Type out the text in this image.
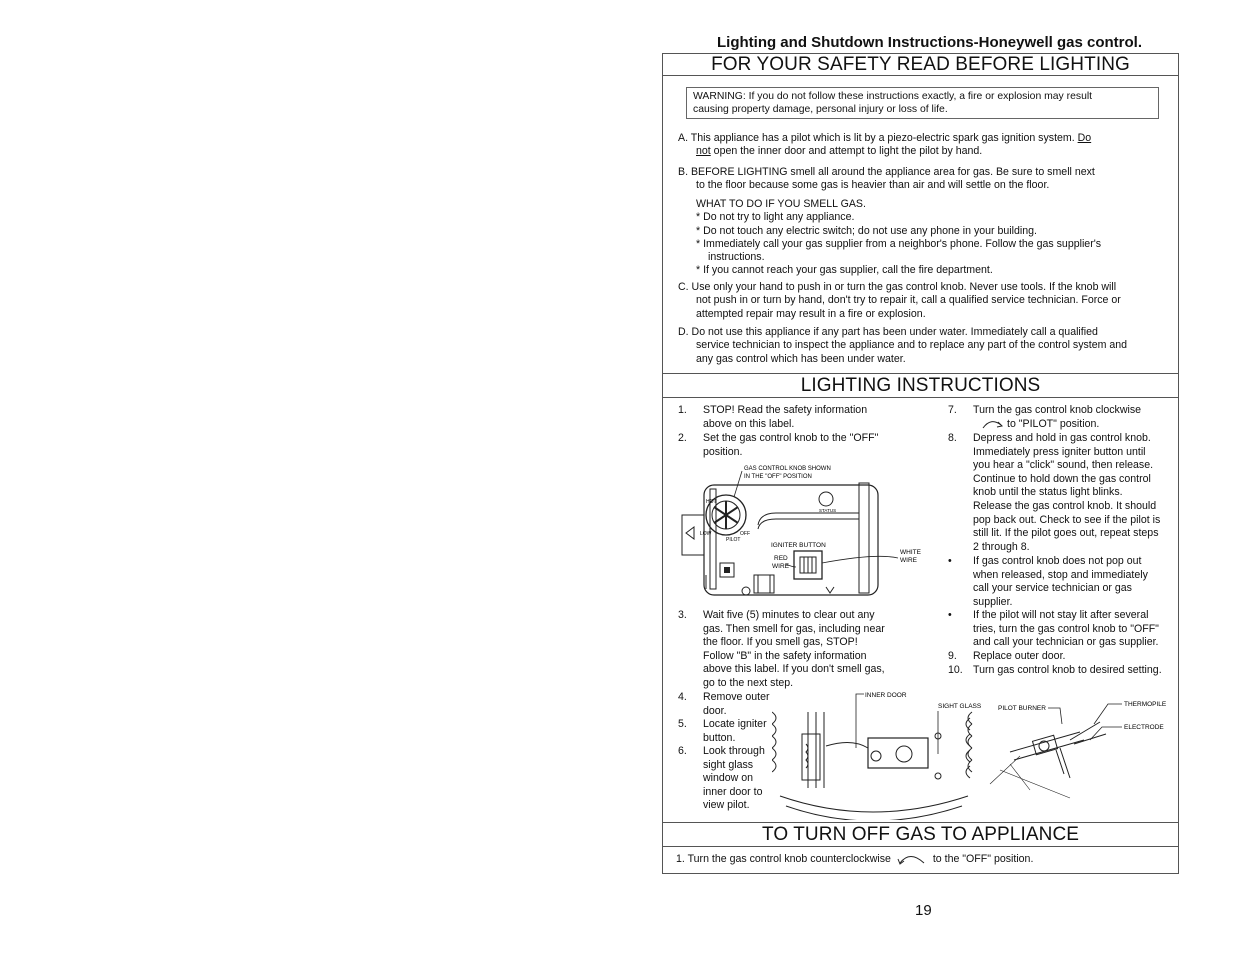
Lighting and Shutdown Instructions-Honeywell gas control.
FOR YOUR SAFETY READ BEFORE LIGHTING
WARNING: If you do not follow these instructions exactly, a fire or explosion may result
causing property damage, personal injury or loss of life.
A. This appliance has a pilot which is lit by a piezo-electric spark gas ignition system. Do
not open the inner door and attempt to light the pilot by hand.
B. BEFORE LIGHTING smell all around the appliance area for gas. Be sure to smell next
to the floor because some gas is heavier than air and will settle on the floor.
WHAT TO DO IF YOU SMELL GAS.
* Do not try to light any appliance.
* Do not touch any electric switch; do not use any phone in your building.
* Immediately call your gas supplier from a neighbor's phone. Follow the gas supplier's
instructions.
* If you cannot reach your gas supplier, call the fire department.
C. Use only your hand to push in or turn the gas control knob. Never use tools. If the knob will
not push in or turn by hand, don't try to repair it, call a qualified service technician. Force or
attempted repair may result in a fire or explosion.
D. Do not use this appliance if any part has been under water. Immediately call a qualified
service technician to inspect the appliance and to replace any part of the control system and
any gas control which has been under water.
LIGHTING INSTRUCTIONS
1.	STOP! Read the safety information
above on this label.
2.	Set the gas control knob to the "OFF"
position.
STATUS
PILOT
LOW	OFF
HOT
GAS CONTROL KNOB SHOWN
IN THE "OFF" POSITION
IGNITER BUTTON
RED
WIRE
WHITE
WIRE
3.	Wait five (5) minutes to clear out any
gas. Then smell for gas, including near
the floor. If you smell gas, STOP!
Follow "B" in the safety information
above this label. If you don't smell gas,
go to the next step.
4.	Remove outer
door.
5.	Locate igniter
button.
6.	Look through
sight glass
window on
inner door to
view pilot.
INNER DOOR
SIGHT GLASS	PILOT BURNER
THERMOPILE
ELECTRODE
7.	Turn the gas control knob clockwise
to "PILOT" position.
8.	Depress and hold in gas control knob.
Immediately press igniter button until
you hear a "click" sound, then release.
Continue to hold down the gas control
knob until the status light blinks.
Release the gas control knob. It should
pop back out. Check to see if the pilot is
still lit. If the pilot goes out, repeat steps
2 through 8.
•	If gas control knob does not pop out
when released, stop and immediately
call your service technician or gas
supplier.
•	If the pilot will not stay lit after several
tries, turn the gas control knob to "OFF"
and call your technician or gas supplier.
9.	Replace outer door.
10. Turn gas control knob to desired setting.
TO TURN OFF GAS TO APPLIANCE
1. Turn the gas control knob counterclockwise	to the "OFF" position.
19
